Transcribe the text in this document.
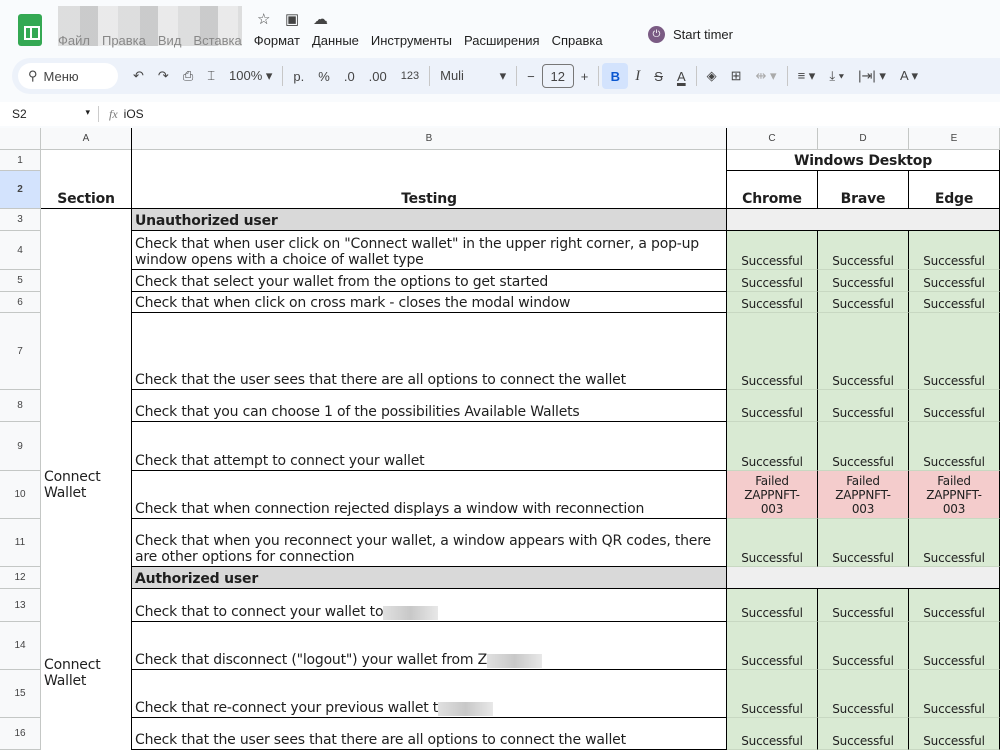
☆ ▣ ☁
Файл Правка Вид Вставка Формат Данные Инструменты Расширения Справка	⏻ Start timer
⚲ Меню	↶	↷	⎙	⌶	100% ▾	р.	%	.0	.00	123	Muli	▾	−	12	+	B	I	S	A	◈	⊞	⇹ ▾	≡ ▾	⤓ ▾	|⇥| ▾	A ▾
S2	▾ fx iOS
A	B	C	D	E
1
2
3	Unauthorized user
4	Check that when user click on "Connect wallet" in the upper right corner, a pop-up window opens with a choice of wallet type	Successful	Successful	Successful
5	Check that select your wallet from the options to get started	Successful	Successful	Successful
6	Check that when click on cross mark - closes the modal window	Successful	Successful	Successful
7
Check that the user sees that there are all options to connect the wallet	Successful	Successful	Successful
8	Check that you can choose 1 of the possibilities Available Wallets	Successful	Successful	Successful
9
Check that attempt to connect your wallet	Successful	Successful	Successful
10
Check that when connection rejected displays a window with reconnection
Failed ZAPPNFT-003
Failed ZAPPNFT-003
Failed ZAPPNFT-003
11	Check that when you reconnect your wallet, a window appears with QR codes, there are other options for connection	Successful	Successful	Successful
12	Authorized user
13	Check that to connect your wallet to	Successful	Successful	Successful
14
Check that disconnect ("logout") your wallet from Z	Successful	Successful	Successful
15
Check that re-connect your previous wallet t	Successful	Successful	Successful
16	Check that the user sees that there are all options to connect the wallet	Successful	Successful	Successful
Section	Testing
Windows Desktop
Chrome	Brave	Edge
Connect Wallet
Connect Wallet
